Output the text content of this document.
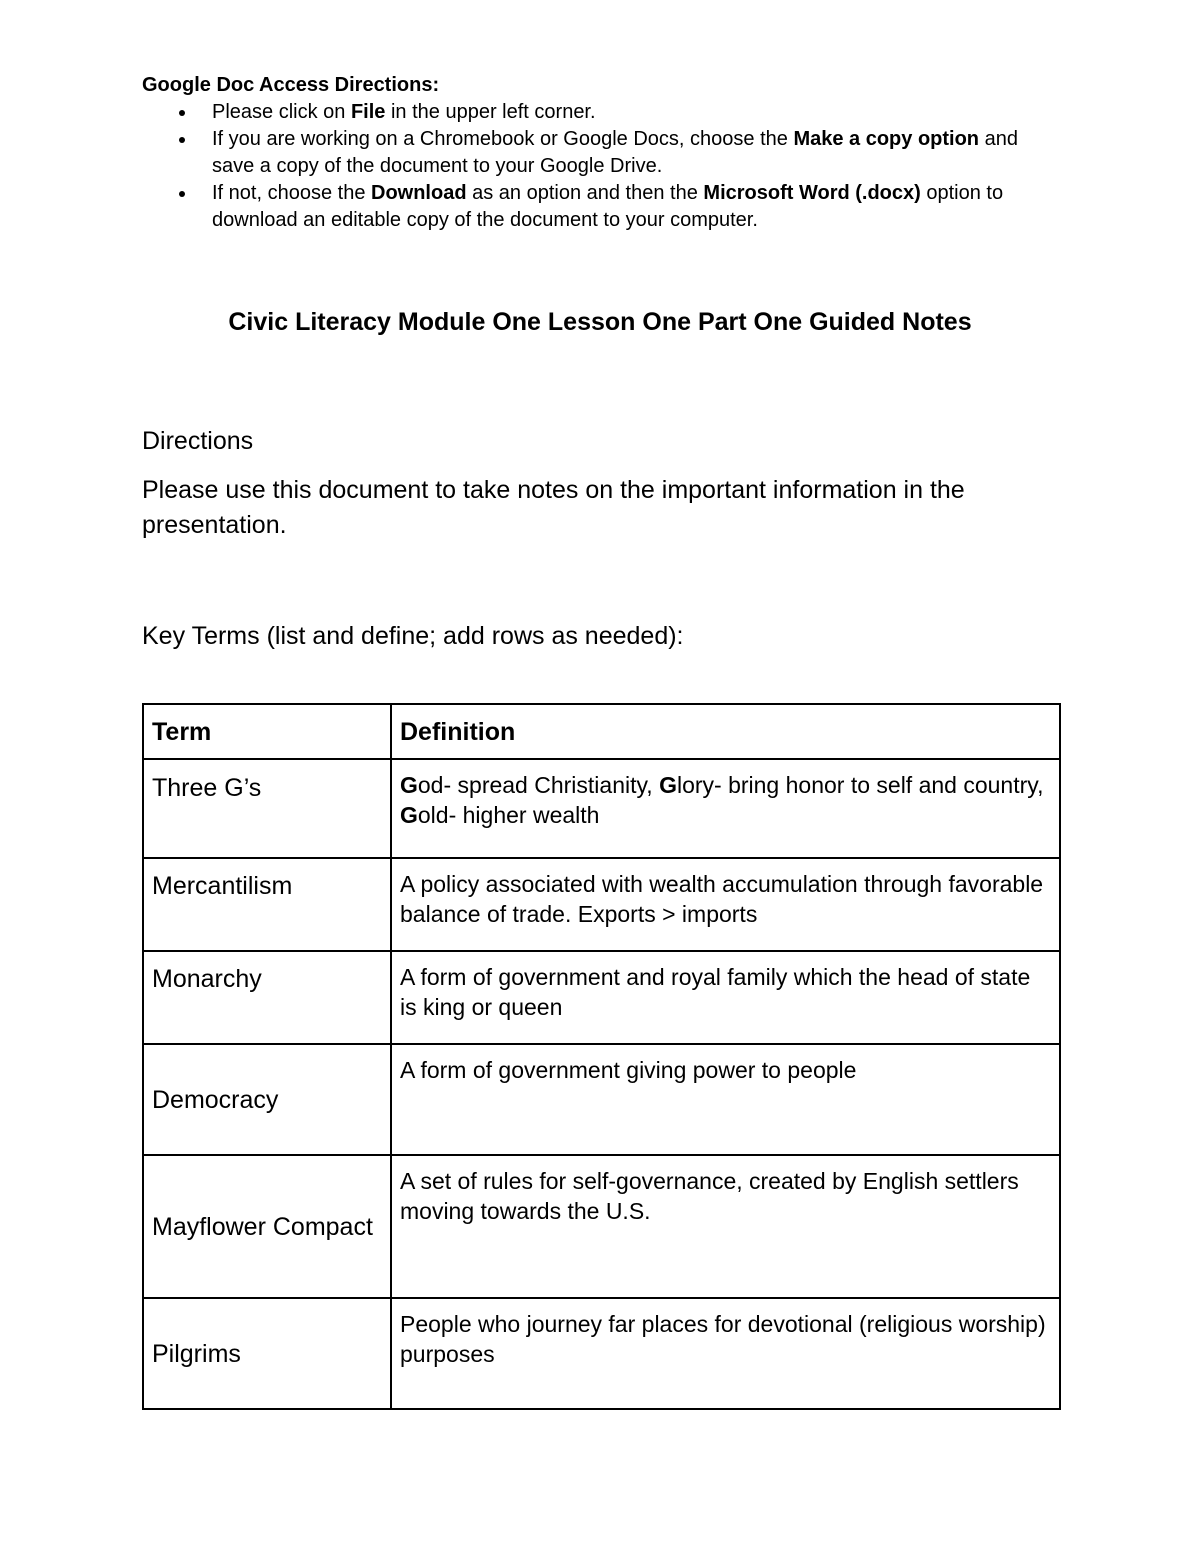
Google Doc Access Directions:

Please click on File in the upper left corner.
If you are working on a Chromebook or Google Docs, choose the Make a copy option and save a copy of the document to your Google Drive.
If not, choose the Download as an option and then the Microsoft Word (.docx) option to download an editable copy of the document to your computer.
Civic Literacy Module One Lesson One Part One Guided Notes
Directions
Please use this document to take notes on the important information in the presentation.
Key Terms (list and define; add rows as needed):
Term	Definition
Three G’s	God- spread Christianity, Glory- bring honor to self and country, Gold- higher wealth
Mercantilism	A policy associated with wealth accumulation through favorable balance of trade. Exports > imports
Monarchy	A form of government and royal family which the head of state is king or queen
Democracy	A form of government giving power to people
Mayflower Compact	A set of rules for self-governance, created by English settlers moving towards the U.S.
Pilgrims	People who journey far places for devotional (religious worship) purposes
